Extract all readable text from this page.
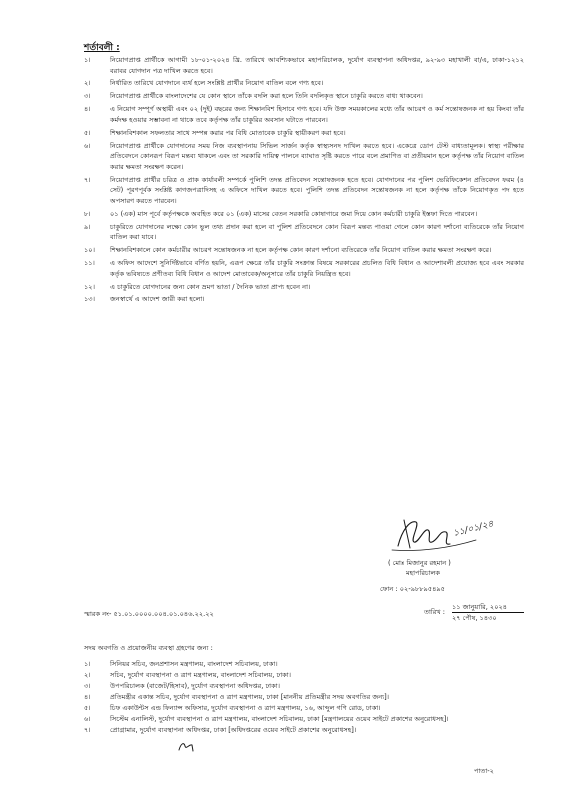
শর্তাবলী :
১।	নিয়োগপ্রাপ্ত প্রার্থীকে আগামী ১৮-০১-২০২৪ খ্রি. তারিখে আবশ্যিকভাবে মহাপরিচালক, দুর্যোগ ব্যবস্থাপনা অধিদপ্তর, ৯২-৯৩ মহাখালী বা/এ, ঢাকা-১২১২ বরাবর যোগদান পত্র দাখিল করতে হবে।
২।	নির্ধারিত তারিখে যোগদানে ব্যর্থ হলে সংশ্লিষ্ট প্রার্থীর নিয়োগ বাতিল বলে গণ্য হবে।
৩।	নিয়োগপ্রাপ্ত প্রার্থীকে বাংলাদেশের যে কোন স্থানে তাঁকে বদলি করা হলে তিনি বদলিকৃত স্থানে চাকুরি করতে বাধ্য থাকবেন।
৪।	এ নিয়োগ সম্পূর্ণ অস্থায়ী এবং ০২ (দুই) বছরের জন্য শিক্ষানবিশ হিসাবে গণ্য হবে। যদি উক্ত সময়কালের মধ্যে তাঁর আচরণ ও কর্ম সন্তোষজনক না হয় কিংবা তাঁর কর্মদক্ষ হওয়ার সম্ভাবনা না থাকে তবে কর্তৃপক্ষ তাঁর চাকুরির অবসান ঘটাতে পারবেন।
৫।	শিক্ষানবিশকাল সফলতার সাথে সম্পন্ন করার পর বিধি মোতাবেক চাকুরি স্থায়ীকরণ করা হবে।
৬।	নিয়োগপ্রাপ্ত প্রার্থীকে যোগদানের সময় নিজ ব্যবস্থাপনায় সিভিল সার্জন কর্তৃক স্বাস্থ্যসনদ দাখিল করতে হবে। একেত্রে ডোপ টেস্ট বাধ্যতামূলক। স্বাস্থ্য পরীক্ষার প্রতিবেদনে কোনরূপ বিরূপ মন্তব্য থাকলে এবং তা সরকারি দায়িত্ব পালনে ব্যাঘাত সৃষ্টি করতে পারে বলে প্রমাণিত বা প্রতীয়মান হলে কর্তৃপক্ষ তাঁর নিয়োগ বাতিল করার ক্ষমতা সংরক্ষণ করেন।
৭।	নিয়োগপ্রাপ্ত প্রার্থীর চরিত্র ও প্রাক কার্যাবলী সম্পর্কে পুলিশি তদন্ত প্রতিবেদন সন্তোষজনক হতে হবে। যোগদানের পর পুলিশ ভেরিফিকেশন প্রতিবেদন ফরম (৪ সেট) পূরণপূর্বক সংশ্লিষ্ট কাগজপত্রাদিসহ এ অফিসে দাখিল করতে হবে। পুলিশি তদন্ত প্রতিবেদন সন্তোষজনক না হলে কর্তৃপক্ষ তাঁকে নিয়োগকৃত পদ হতে অপসারণ করতে পারবেন।
৮।	০১ (এক) মাস পূর্বে কর্তৃপক্ষকে অবহিত করে ০১ (এক) মাসের বেতন সরকারি কোষাগারে জমা দিয়ে কোন কর্মচারী চাকুরি ইস্তফা দিতে পারবেন।
৯।	চাকুরিতে যোগদানের লক্ষ্যে কোন ভুল তথ্য প্রদান করা হলে বা পুলিশ প্রতিবেদনে কোন বিরূপ মন্তব্য পাওয়া গেলে কোন কারণ দর্শানো ব্যতিরেকে তাঁর নিয়োগ বাতিল করা যাবে।
১০।	শিক্ষানবিশকালে কোন কর্মচারীর আচরণ সন্তোষজনক না হলে কর্তৃপক্ষ কোন কারণ দর্শানো ব্যতিরেকে তাঁর নিয়োগ বাতিল করার ক্ষমতা সংরক্ষণ করে।
১১।	এ অফিস আদেশে সুনির্দিষ্টভাবে বর্ণিত হয়নি, এরূপ ক্ষেত্রে তাঁর চাকুরি সংক্রান্ত বিষয়ে সরকারের প্রচলিত বিধি বিধান ও আদেশাবলী প্রযোজ্য হবে এবং সরকার কর্তৃক ভবিষ্যতে প্রণীতব্য বিধি বিধান ও আদেশ মোতাবেক/অনুসারে তাঁর চাকুরি নিয়ন্ত্রিত হবে।
১২।	এ চাকুরিতে যোগদানের জন্য কোন ভ্রমণ ভাতা / দৈনিক ভাতা প্রাপ্য হবেন না।
১৩।	জনস্বার্থে এ আদেশ জারী করা হলো।
১১/০১/২৪
( মোঃ মিজানুর রহমান )
মহাপরিচালক
ফোন : ০২-৯৮৮৯৫৪৯৫
স্মারক নং- ৫১.০১.০০০০.০০৪.০১.০৪৬.২২.২২	তারিখ :
১১ জানুয়ারি, ২০২৪
২৭ পৌষ, ১৪৩০
সদয় অবগতি ও প্রয়োজনীয় ব্যবস্থা গ্রহণের জন্য :
১।	সিনিয়র সচিব, জনপ্রশাসন মন্ত্রণালয়, বাংলাদেশ সচিবালয়, ঢাকা।
২।	সচিব, দুর্যোগ ব্যবস্থাপনা ও ত্রাণ মন্ত্রণালয়, বাংলাদেশ সচিবালয়, ঢাকা।
৩।	উপপরিচালক (বাজেট/হিসাব), দুর্যোগ ব্যবস্থাপনা অধিদপ্তর, ঢাকা।
৪।	প্রতিমন্ত্রীর একান্ত সচিব, দুর্যোগ ব্যবস্থাপনা ও ত্রাণ মন্ত্রণালয়, ঢাকা [মাননীয় প্রতিমন্ত্রীর সদয় অবগতির জন্য]।
৫।	চিফ একাউন্টস এন্ড ফিন্যান্স অফিসার, দুর্যোগ ব্যবস্থাপনা ও ত্রাণ মন্ত্রণালয়, ১৬, আব্দুল গণি রোড, ঢাকা।
৬।	সিস্টেম এনালিস্ট, দুর্যোগ ব্যবস্থাপনা ও ত্রাণ মন্ত্রণালয়, বাংলাদেশ সচিবালয়, ঢাকা [মন্ত্রণালয়ের ওয়েব সাইটে প্রকাশের অনুরোধসহ]।
৭।	প্রোগ্রামার, দুর্যোগ ব্যবস্থাপনা অধিদপ্তর, ঢাকা [অধিদপ্তরের ওয়েব সাইটে প্রকাশের অনুরোধসহ]।
পাতা-২
